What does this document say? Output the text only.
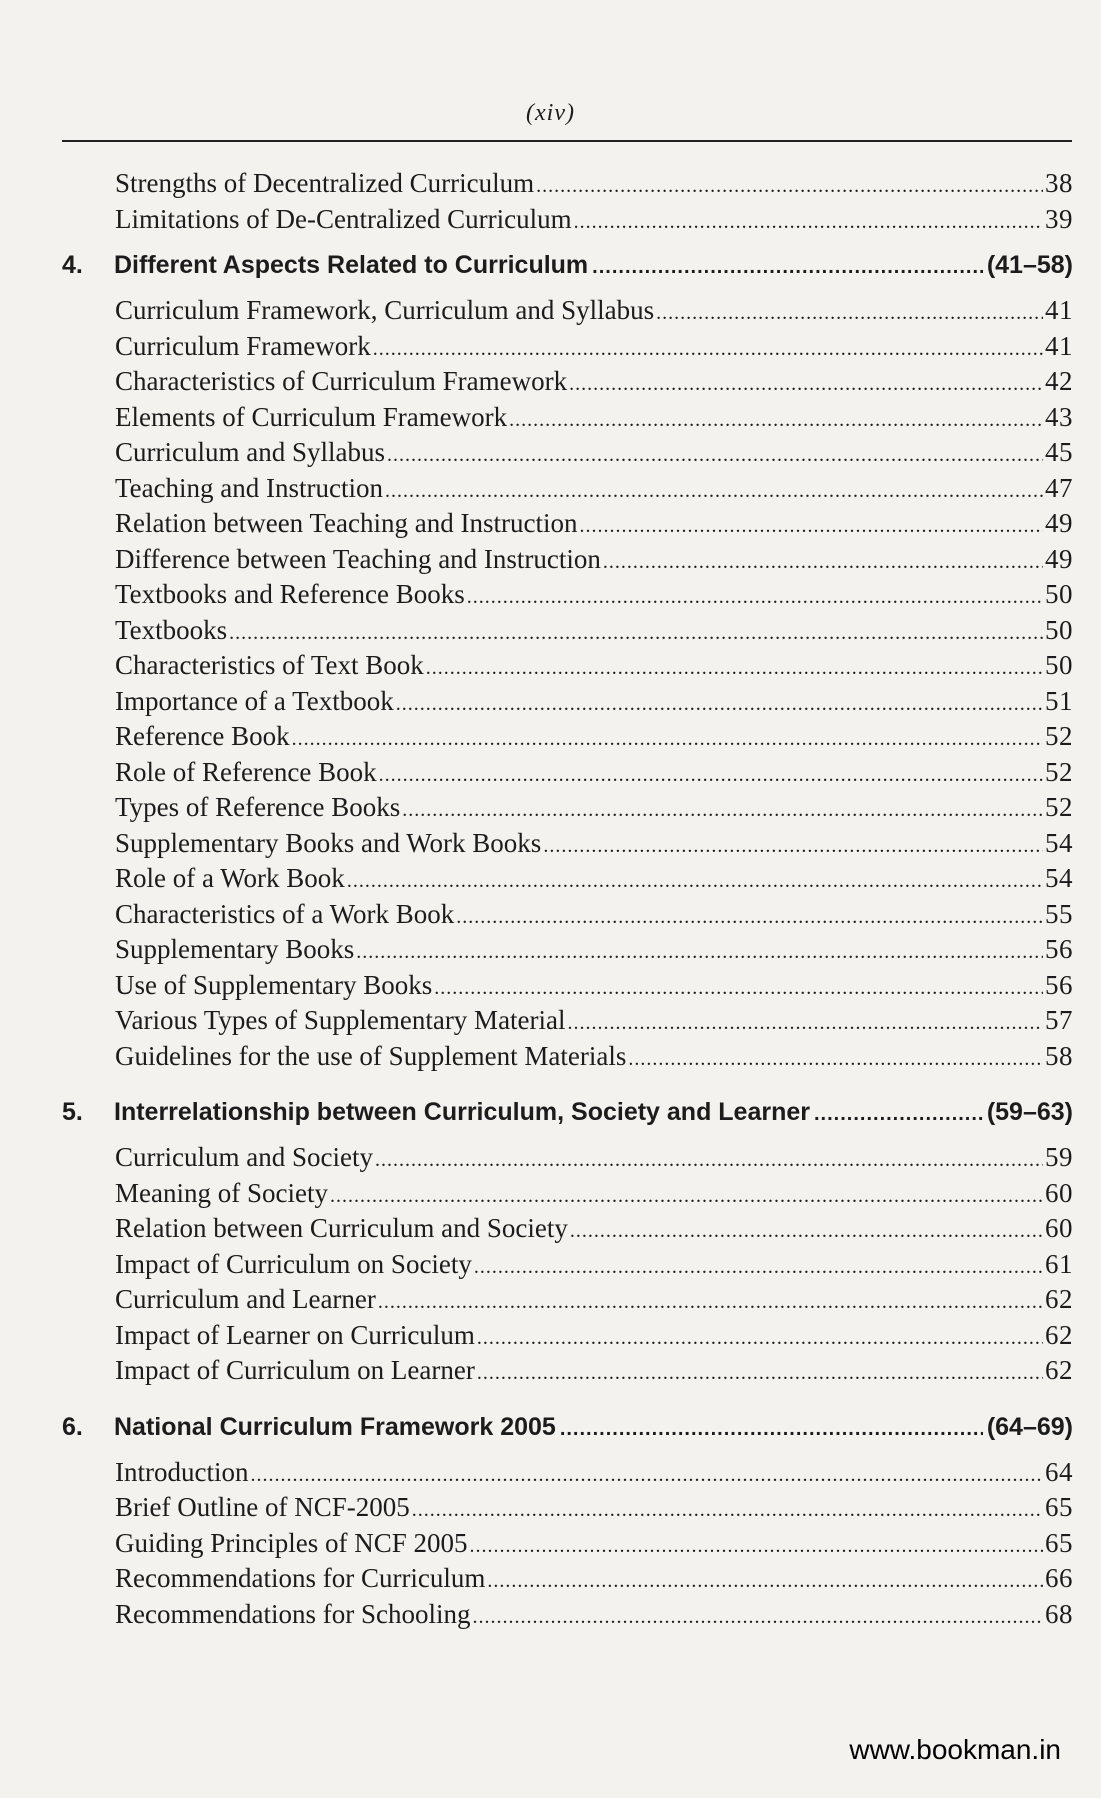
(xiv)
Strengths of Decentralized Curriculum .....	38
Limitations of De-Centralized Curriculum .....	39
4.	Different Aspects Related to Curriculum .....	(41–58)
Curriculum Framework, Curriculum and Syllabus .....	41
Curriculum Framework .....	41
Characteristics of Curriculum Framework .....	42
Elements of Curriculum Framework .....	43
Curriculum and Syllabus .....	45
Teaching and Instruction .....	47
Relation between Teaching and Instruction .....	49
Difference between Teaching and Instruction .....	49
Textbooks and Reference Books .....	50
Textbooks .....	50
Characteristics of Text Book .....	50
Importance of a Textbook .....	51
Reference Book .....	52
Role of Reference Book .....	52
Types of Reference Books .....	52
Supplementary Books and Work Books .....	54
Role of a Work Book .....	54
Characteristics of a Work Book .....	55
Supplementary Books .....	56
Use of Supplementary Books .....	56
Various Types of Supplementary Material .....	57
Guidelines for the use of Supplement Materials .....	58
5.	Interrelationship between Curriculum, Society and Learner .....	(59–63)
Curriculum and Society .....	59
Meaning of Society .....	60
Relation between Curriculum and Society .....	60
Impact of Curriculum on Society .....	61
Curriculum and Learner .....	62
Impact of Learner on Curriculum .....	62
Impact of Curriculum on Learner .....	62
6.	National Curriculum Framework 2005 .....	(64–69)
Introduction .....	64
Brief Outline of NCF-2005 .....	65
Guiding Principles of NCF 2005 .....	65
Recommendations for Curriculum .....	66
Recommendations for Schooling .....	68
www.bookman.in
